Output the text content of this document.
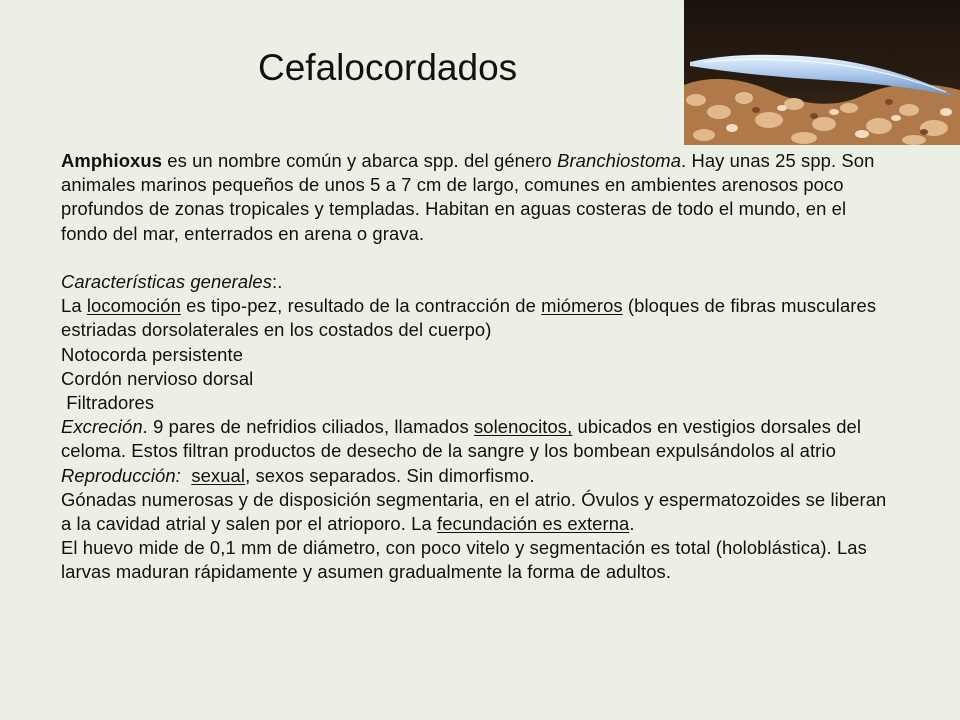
Cefalocordados

Amphioxus es un nombre común y abarca spp. del género Branchiostoma. Hay unas 25 spp. Son animales marinos pequeños de unos 5 a 7 cm de largo, comunes en ambientes arenosos poco profundos de zonas tropicales y templadas. Habitan en aguas costeras de todo el mundo, en el fondo del mar, enterrados en arena o grava.

Características generales:.

La locomoción es tipo-pez, resultado de la contracción de miómeros (bloques de fibras musculares estriadas dorsolaterales en los costados del cuerpo)

Notocorda persistente

Cordón nervioso dorsal

Filtradores

Excreción. 9 pares de nefridios ciliados, llamados solenocitos, ubicados en vestigios dorsales del celoma. Estos filtran productos de desecho de la sangre y los bombean expulsándolos al atrio

Reproducción: sexual, sexos separados. Sin dimorfismo.

Gónadas numerosas y de disposición segmentaria, en el atrio. Óvulos y espermatozoides se liberan a la cavidad atrial y salen por el atrioporo. La fecundación es externa.

El huevo mide de 0,1 mm de diámetro, con poco vitelo y segmentación es total (holoblástica). Las larvas maduran rápidamente y asumen gradualmente la forma de adultos.
